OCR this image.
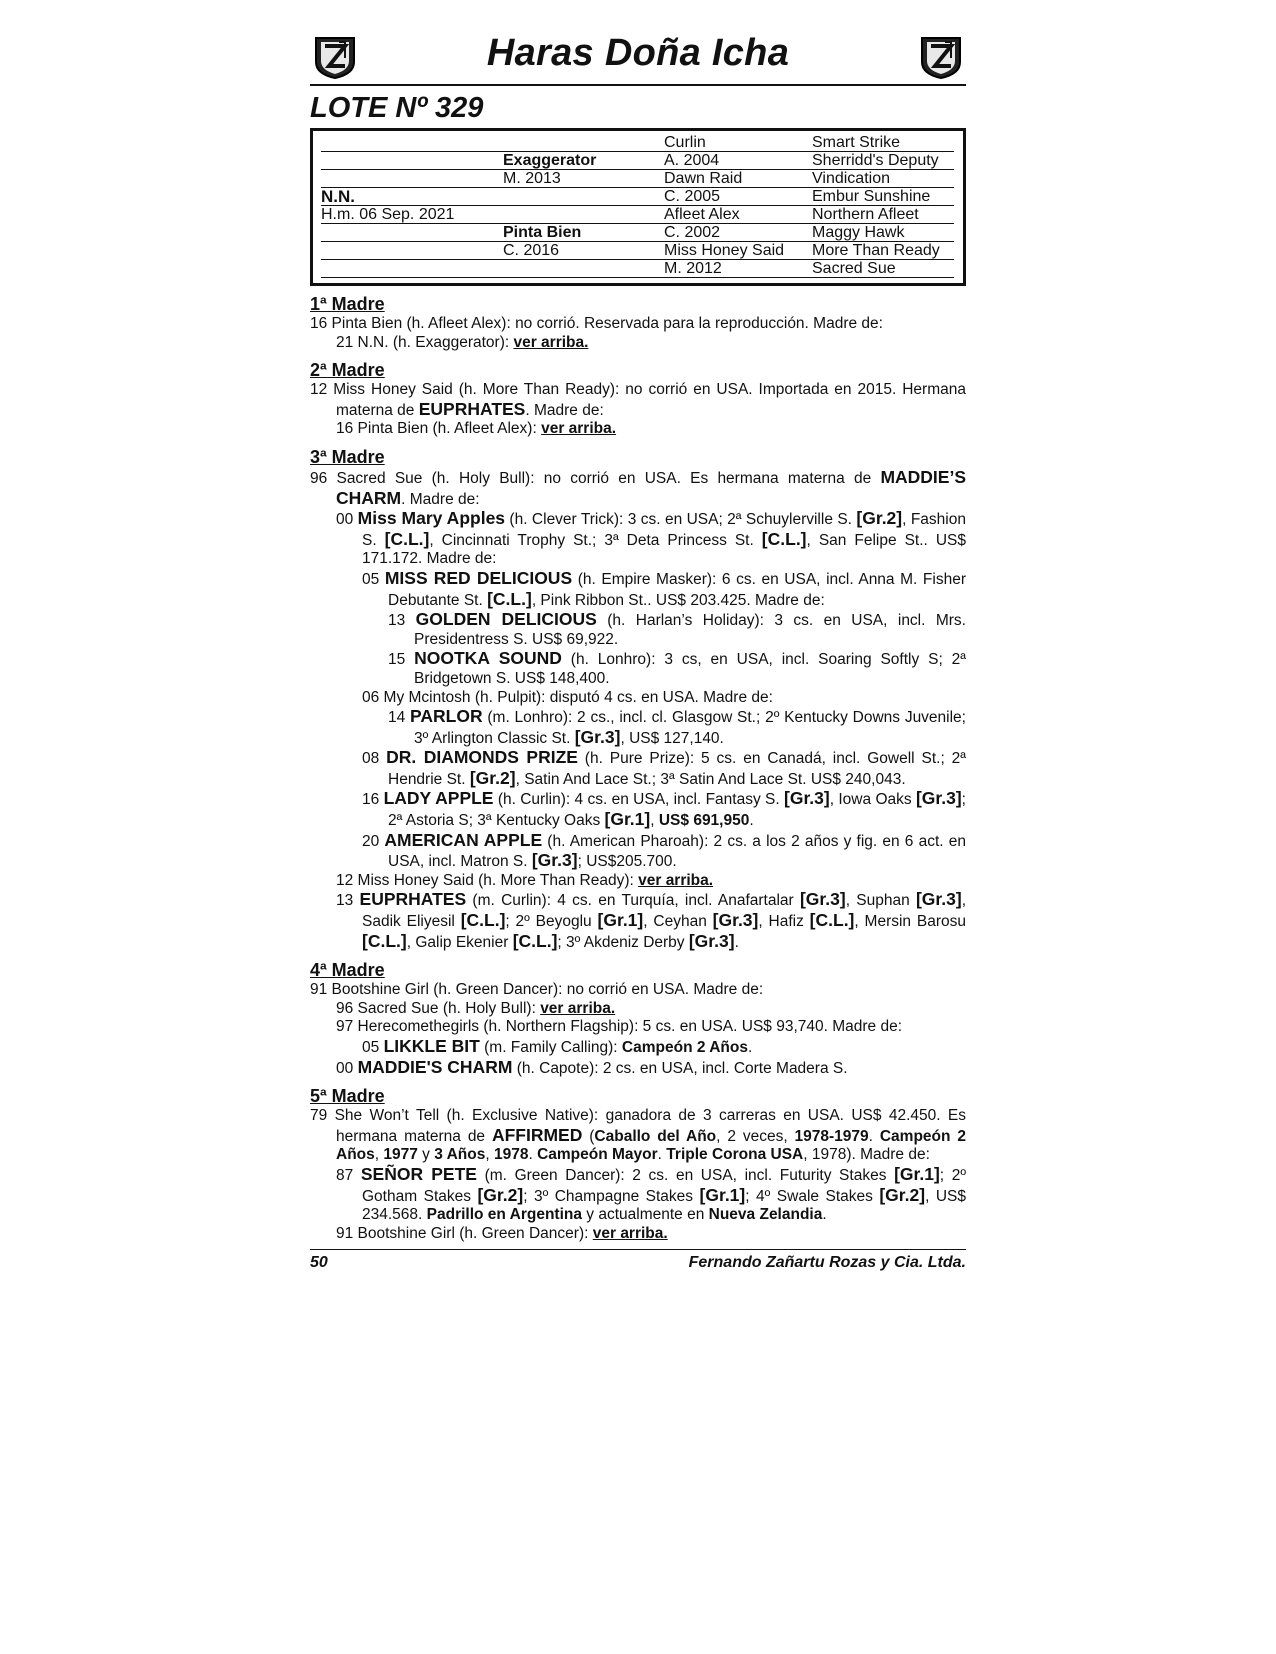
Haras Doña Icha
LOTE Nº 329
Smart Strike
Sherridd's Deputy
Vindication
Embur Sunshine
Northern Afleet
Maggy Hawk
More Than Ready
Sacred Sue
Curlin
A. 2004
Dawn Raid
C. 2005
Afleet Alex
C. 2002
Miss Honey Said
M. 2012
Exaggerator
M. 2013
Pinta Bien
C. 2016
N.N.
H.m. 06 Sep. 2021
1ª Madre
16 Pinta Bien (h. Afleet Alex): no corrió. Reservada para la reproducción. Madre de:
21 N.N. (h. Exaggerator): ver arriba.
2ª Madre
12 Miss Honey Said (h. More Than Ready): no corrió en USA. Importada en 2015. Hermana materna de EUPRHATES. Madre de:
16 Pinta Bien (h. Afleet Alex): ver arriba.
3ª Madre
96 Sacred Sue (h. Holy Bull): no corrió en USA. Es hermana materna de MADDIE’S CHARM. Madre de:
00 Miss Mary Apples (h. Clever Trick): 3 cs. en USA; 2ª Schuylerville S. [Gr.2], Fashion S. [C.L.], Cincinnati Trophy St.; 3ª Deta Princess St. [C.L.], San Felipe St.. US$ 171.172. Madre de:
05 MISS RED DELICIOUS (h. Empire Masker): 6 cs. en USA, incl. Anna M. Fisher Debutante St. [C.L.], Pink Ribbon St.. US$ 203.425. Madre de:
13 GOLDEN DELICIOUS (h. Harlan’s Holiday): 3 cs. en USA, incl. Mrs. Presidentress S. US$ 69,922.
15 NOOTKA SOUND (h. Lonhro): 3 cs, en USA, incl. Soaring Softly S; 2ª Bridgetown S. US$ 148,400.
06 My Mcintosh (h. Pulpit): disputó 4 cs. en USA. Madre de:
14 PARLOR (m. Lonhro): 2 cs., incl. cl. Glasgow St.; 2º Kentucky Downs Juvenile; 3º Arlington Classic St. [Gr.3], US$ 127,140.
08 DR. DIAMONDS PRIZE (h. Pure Prize): 5 cs. en Canadá, incl. Gowell St.; 2ª Hendrie St. [Gr.2], Satin And Lace St.; 3ª Satin And Lace St. US$ 240,043.
16 LADY APPLE (h. Curlin): 4 cs. en USA, incl. Fantasy S. [Gr.3], Iowa Oaks [Gr.3]; 2ª Astoria S; 3ª Kentucky Oaks [Gr.1], US$ 691,950.
20 AMERICAN APPLE (h. American Pharoah): 2 cs. a los 2 años y fig. en 6 act. en USA, incl. Matron S. [Gr.3]; US$205.700.
12 Miss Honey Said (h. More Than Ready): ver arriba.
13 EUPRHATES (m. Curlin): 4 cs. en Turquía, incl. Anafartalar [Gr.3], Suphan [Gr.3], Sadik Eliyesil [C.L.]; 2º Beyoglu [Gr.1], Ceyhan [Gr.3], Hafiz [C.L.], Mersin Barosu [C.L.], Galip Ekenier [C.L.]; 3º Akdeniz Derby [Gr.3].
4ª Madre
91 Bootshine Girl (h. Green Dancer): no corrió en USA. Madre de:
96 Sacred Sue (h. Holy Bull): ver arriba.
97 Herecomethegirls (h. Northern Flagship): 5 cs. en USA. US$ 93,740. Madre de:
05 LIKKLE BIT (m. Family Calling): Campeón 2 Años.
00 MADDIE'S CHARM (h. Capote): 2 cs. en USA, incl. Corte Madera S.
5ª Madre
79 She Won’t Tell (h. Exclusive Native): ganadora de 3 carreras en USA. US$ 42.450. Es hermana materna de AFFIRMED (Caballo del Año, 2 veces, 1978-1979. Campeón 2 Años, 1977 y 3 Años, 1978. Campeón Mayor. Triple Corona USA, 1978). Madre de:
87 SEÑOR PETE (m. Green Dancer): 2 cs. en USA, incl. Futurity Stakes [Gr.1]; 2º Gotham Stakes [Gr.2]; 3º Champagne Stakes [Gr.1]; 4º Swale Stakes [Gr.2], US$ 234.568. Padrillo en Argentina y actualmente en Nueva Zelandia.
91 Bootshine Girl (h. Green Dancer): ver arriba.
50	Fernando Zañartu Rozas y Cia. Ltda.
